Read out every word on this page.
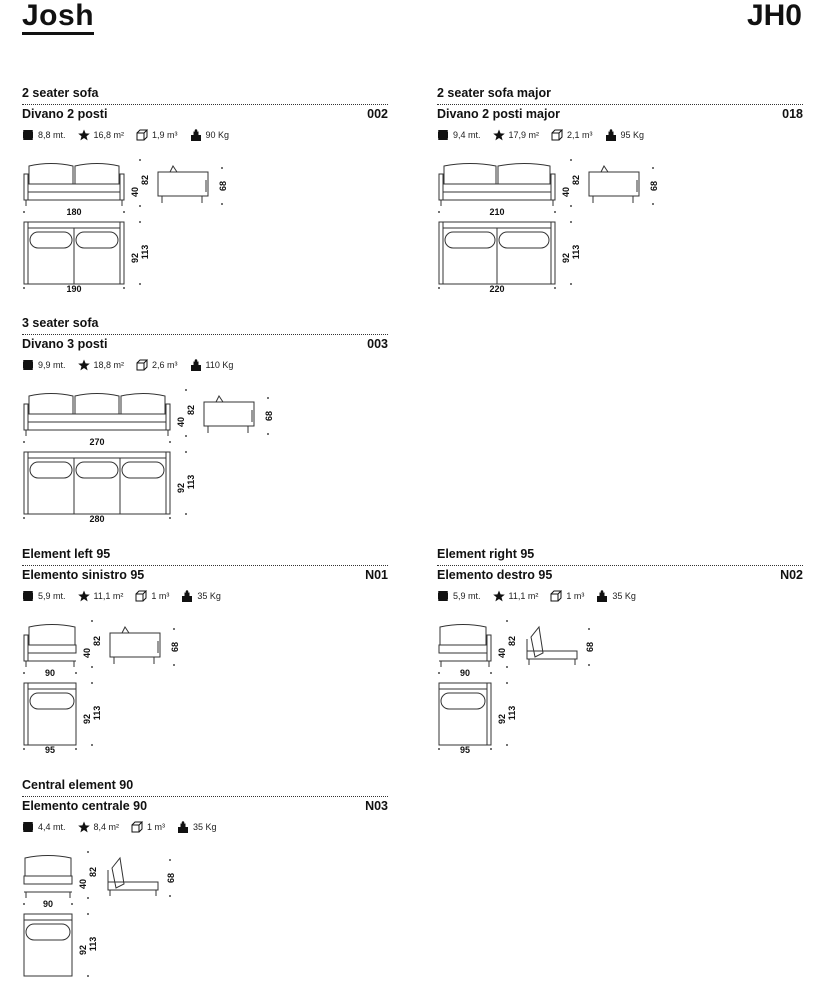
Josh	JH0
2 seater sofa
Divano 2 posti	002
8,8 mt.	16,8 m²	1,9 m³	90 Kg
180
40
82
68
190
92 113
2 seater sofa major
Divano 2 posti major	018
9,4 mt.	17,9 m²	2,1 m³	95 Kg
210
40
82
68
220
92 113
3 seater sofa
Divano 3 posti	003
9,9 mt.	18,8 m²	2,6 m³	110 Kg
270
40
82
68
280
92 113
Element left 95
Elemento sinistro 95	N01
5,9 mt.	11,1 m²	1 m³	35 Kg
90
40
82
68
95
92 113
Element right 95
Elemento destro 95	N02
5,9 mt.	11,1 m²	1 m³	35 Kg
90
40
82
68
95
92 113
Central element 90
Elemento centrale 90	N03
4,4 mt.	8,4 m²	1 m³	35 Kg
90
40
82
68
92 113
